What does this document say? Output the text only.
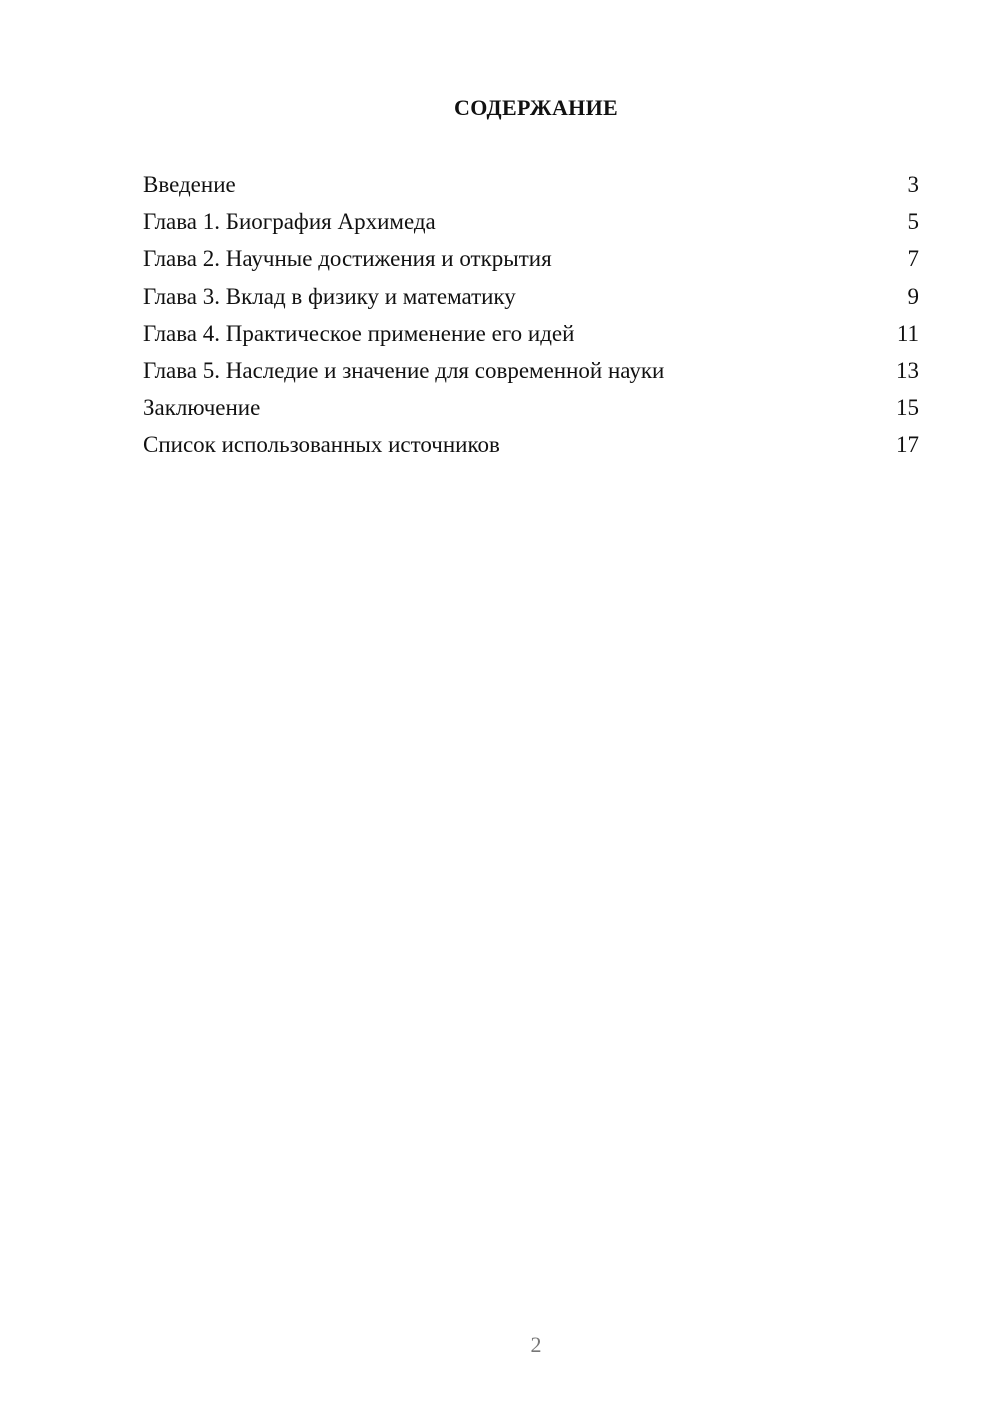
СОДЕРЖАНИЕ
Введение	3
Глава 1. Биография Архимеда	5
Глава 2. Научные достижения и открытия	7
Глава 3. Вклад в физику и математику	9
Глава 4. Практическое применение его идей	11
Глава 5. Наследие и значение для современной науки	13
Заключение	15
Список использованных источников	17
2
